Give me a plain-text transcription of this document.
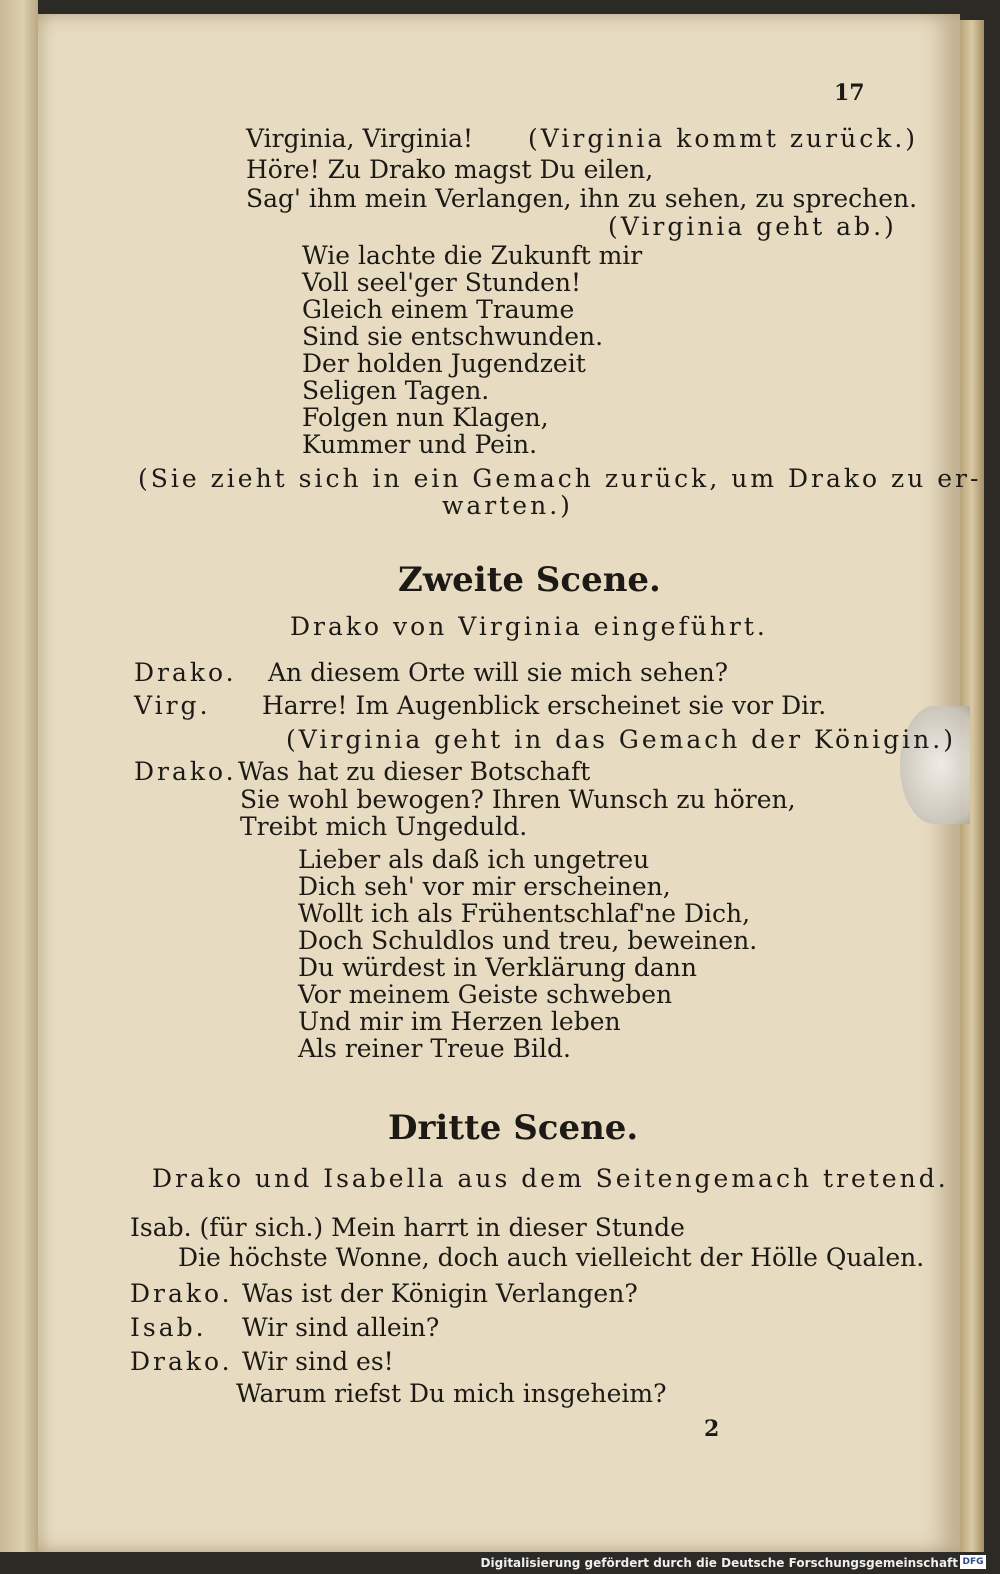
Virginia, Virginia! (Virginia kommt zurück.)
Höre! Zu Drako magst Du eilen,
Sag' ihm mein Verlangen, ihn zu sehen, zu sprechen.
(Virginia geht ab.)
Wie lachte die Zukunft mir
Voll seel'ger Stunden!
Gleich einem Traume
Sind sie entschwunden.
Der holden Jugendzeit
Seligen Tagen.
Folgen nun Klagen,
Kummer und Pein.
(Sie zieht sich in ein Gemach zurück, um Drako zu er-
warten.)
Drako von Virginia eingeführt.
Drako. An diesem Orte will sie mich sehen?
Virg. Harre! Im Augenblick erscheinet sie vor Dir.
(Virginia geht in das Gemach der Königin.)
Drako. Was hat zu dieser Botschaft
Sie wohl bewogen? Ihren Wunsch zu hören,
Treibt mich Ungeduld.
Lieber als daß ich ungetreu
Dich seh' vor mir erscheinen,
Wollt ich als Frühentschlaf'ne Dich,
Doch Schuldlos und treu, beweinen.
Du würdest in Verklärung dann
Vor meinem Geiste schweben
Und mir im Herzen leben
Als reiner Treue Bild.
Drako und Isabella aus dem Seitengemach tretend.
Isab. (für sich.) Mein harrt in dieser Stunde
Die höchste Wonne, doch auch vielleicht der Hölle Qualen.
Drako. Was ist der Königin Verlangen?
Isab. Wir sind allein?
Drako. Wir sind es!
Warum riefst Du mich insgeheim?
Zweite Scene.
Dritte Scene.
17
2
Digitalisierung gefördert durch die Deutsche Forschungsgemeinschaft DFG
